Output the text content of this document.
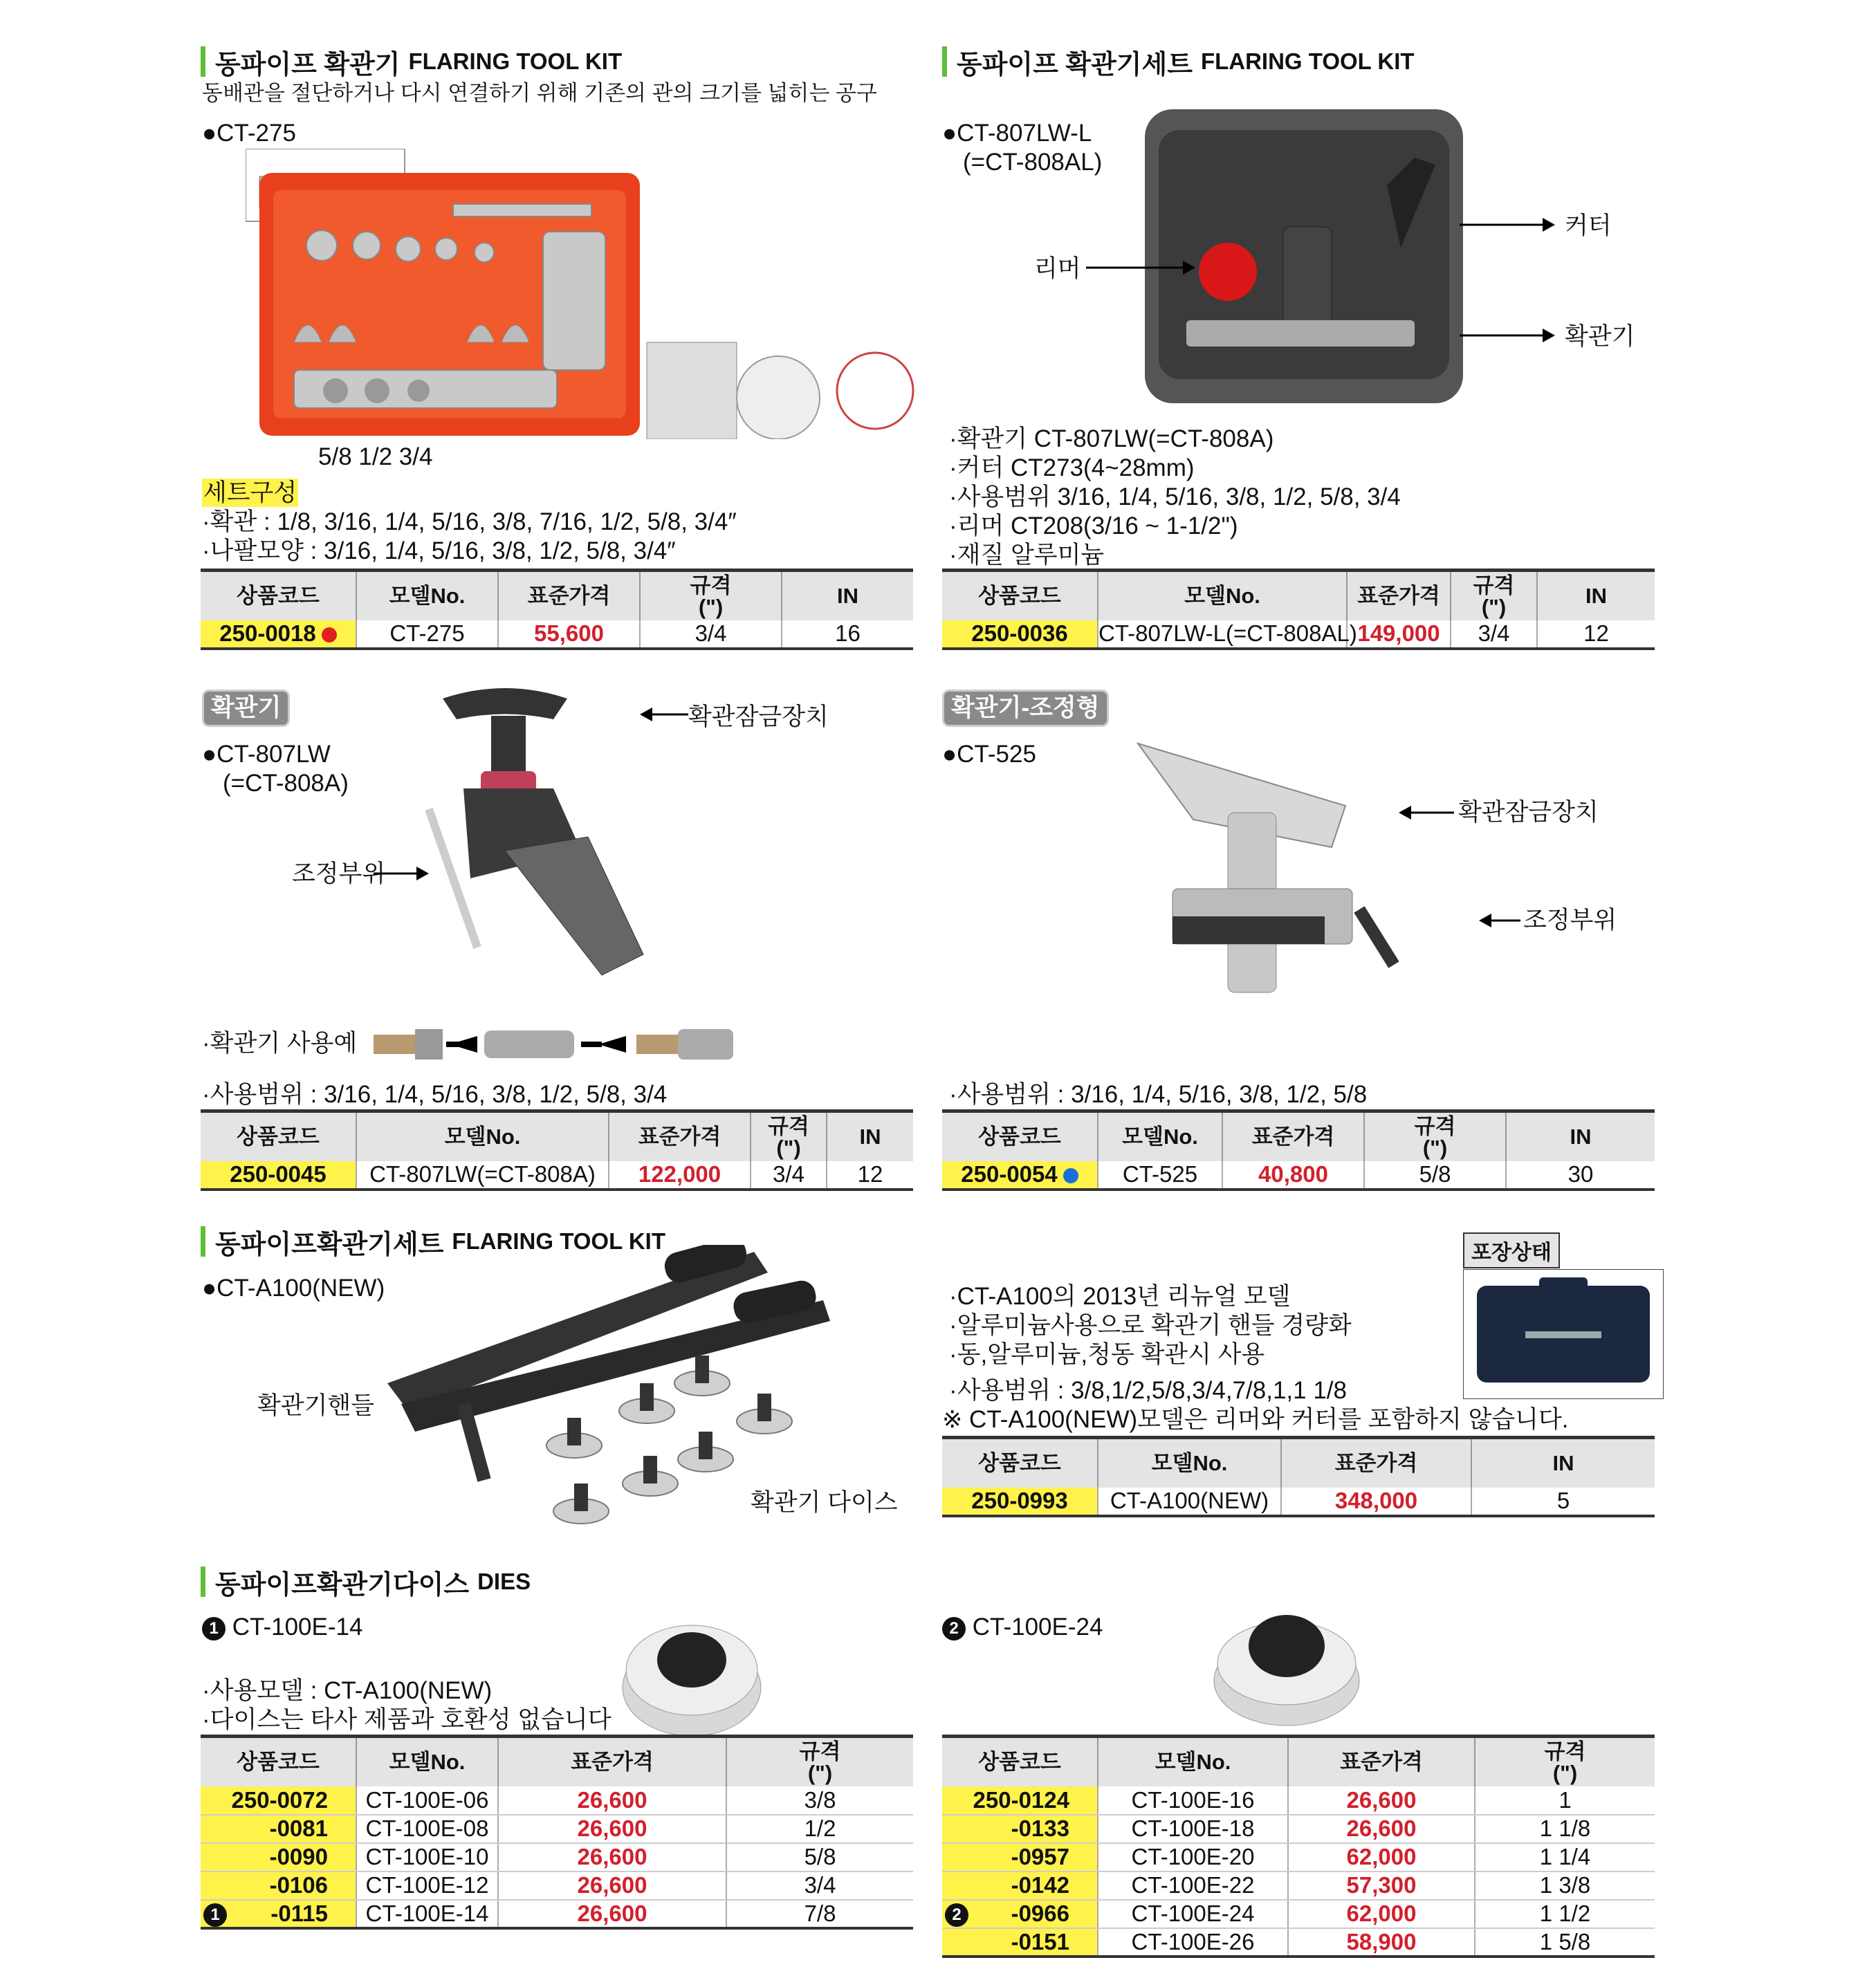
동파이프 확관기 FLARING TOOL KIT
동배관을 절단하거나 다시 연결하기 위해 기존의 관의 크기를 넓히는 공구
●CT-275
5/8 1/2 3/4
세트구성
·확관 : 1/8, 3/16, 1/4, 5/16, 3/8, 7/16, 1/2, 5/8, 3/4″
·나팔모양 : 3/16, 1/4, 5/16, 3/8, 1/2, 5/8, 3/4″
상품코드	모델No.	표준가격	규격
(")	IN
250-0018	CT-275	55,600	3/4	16
동파이프 확관기세트 FLARING TOOL KIT
●CT-807LW-L
(=CT-808AL)
리머
커터
확관기
·확관기 CT-807LW(=CT-808A)
·커터 CT273(4~28mm)
·사용범위 3/16, 1/4, 5/16, 3/8, 1/2, 5/8, 3/4
·리머 CT208(3/16 ~ 1-1/2")
·재질 알루미늄
상품코드	모델No.	표준가격	규격
(")	IN
250-0036	CT-807LW-L(=CT-808AL)	149,000	3/4	12
확관기
●CT-807LW
(=CT-808A)
확관잠금장치
조정부위
·확관기 사용예
·사용범위 : 3/16, 1/4, 5/16, 3/8, 1/2, 5/8, 3/4
상품코드	모델No.	표준가격	규격
(")	IN
250-0045	CT-807LW(=CT-808A)	122,000	3/4	12
확관기-조정형
●CT-525
확관잠금장치
조정부위
·사용범위 : 3/16, 1/4, 5/16, 3/8, 1/2, 5/8
상품코드	모델No.	표준가격	규격
(")	IN
250-0054	CT-525	40,800	5/8	30
동파이프확관기세트 FLARING TOOL KIT
●CT-A100(NEW)
확관기핸들
확관기 다이스
포장상태
·CT-A100의 2013년 리뉴얼 모델
·알루미늄사용으로 확관기 핸들 경량화
·동,알루미늄,청동 확관시 사용
·사용범위 : 3/8,1/2,5/8,3/4,7/8,1,1 1/8
※ CT-A100(NEW)모델은 리머와 커터를 포함하지 않습니다.
상품코드	모델No.	표준가격	IN
250-0993	CT-A100(NEW)	348,000	5
동파이프확관기다이스 DIES
1 CT-100E-14	2 CT-100E-24
·사용모델 : CT-A100(NEW)
·다이스는 타사 제품과 호환성 없습니다
상품코드	모델No.	표준가격	규격
(")
250-0072	CT-100E-06	26,600	3/8
-0081	CT-100E-08	26,600	1/2
-0090	CT-100E-10	26,600	5/8
-0106	CT-100E-12	26,600	3/4

1 -0115	CT-100E-14	26,600	7/8
상품코드	모델No.	표준가격	규격
(")
250-0124	CT-100E-16	26,600	1
-0133	CT-100E-18	26,600	1 1/8
-0957	CT-100E-20	62,000	1 1/4
-0142	CT-100E-22	57,300	1 3/8

2 -0966	CT-100E-24	62,000	1 1/2
-0151	CT-100E-26	58,900	1 5/8
